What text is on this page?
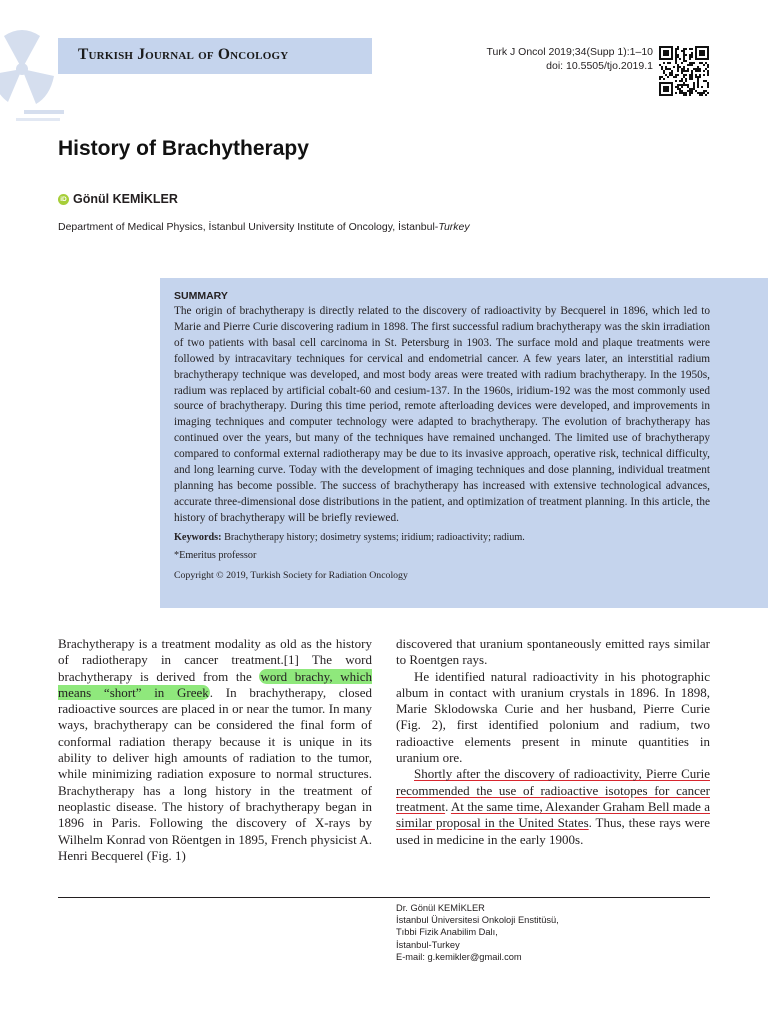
Turkish Journal of Oncology	Turk J Oncol 2019;34(Supp 1):1–10
doi: 10.5505/tjo.2019.1
History of Brachytherapy
iD Gönül KEMİKLER
Department of Medical Physics, İstanbul University Institute of Oncology, İstanbul-Turkey
SUMMARY

The origin of brachytherapy is directly related to the discovery of radioactivity by Becquerel in 1896, which led to Marie and Pierre Curie discovering radium in 1898. The first successful radium brachytherapy was the skin irradiation of two patients with basal cell carcinoma in St. Petersburg in 1903. The surface mold and plaque treatments were followed by intracavitary techniques for cervical and endometrial cancer. A few years later, an interstitial radium brachytherapy technique was developed, and most body areas were treated with radium brachytherapy. In the 1950s, radium was replaced by artificial cobalt-60 and cesium-137. In the 1960s, iridium-192 was the most commonly used source of brachytherapy. During this time period, remote afterloading devices were developed, and improvements in imaging techniques and computer technology were adapted to brachytherapy. The evolution of brachytherapy has continued over the years, but many of the techniques have remained unchanged. The limited use of brachytherapy compared to conformal external radiotherapy may be due to its invasive approach, operative risk, technical difficulty, and long learning curve. Today with the development of imaging techniques and dose planning, individual treatment planning has become possible. The success of brachytherapy has increased with extensive technological advances, accurate three-dimensional dose distributions in the patient, and optimization of treatment planning. In this article, the history of brachytherapy will be briefly reviewed.

Keywords: Brachytherapy history; dosimetry systems; iridium; radioactivity; radium.

*Emeritus professor

Copyright © 2019, Turkish Society for Radiation Oncology

Brachytherapy is a treatment modality as old as the history of radiotherapy in cancer treatment.[1] The word brachytherapy is derived from the word brachy, which means “short” in Greek. In brachytherapy, closed radioactive sources are placed in or near the tumor. In many ways, brachytherapy can be considered the final form of conformal radiation therapy because it is unique in its ability to deliver high amounts of radiation to the tumor, while minimizing radiation exposure to normal structures. Brachytherapy has a long history in the treatment of neoplastic disease. The history of brachytherapy began in 1896 in Paris. Following the discovery of X-rays by Wilhelm Konrad von Röentgen in 1895, French physicist A. Henri Becquerel (Fig. 1)

discovered that uranium spontaneously emitted rays similar to Roentgen rays.

He identified natural radioactivity in his photographic album in contact with uranium crystals in 1896. In 1898, Marie Sklodowska Curie and her husband, Pierre Curie (Fig. 2), first identified polonium and radium, two radioactive elements present in minute quantities in uranium ore.

Shortly after the discovery of radioactivity, Pierre Curie recommended the use of radioactive isotopes for cancer treatment. At the same time, Alexander Graham Bell made a similar proposal in the United States. Thus, these rays were used in medicine in the early 1900s.

Dr. Gönül KEMİKLER
İstanbul Üniversitesi Onkoloji Enstitüsü,
Tıbbi Fizik Anabilim Dalı,
İstanbul-Turkey
E-mail: g.kemikler@gmail.com
